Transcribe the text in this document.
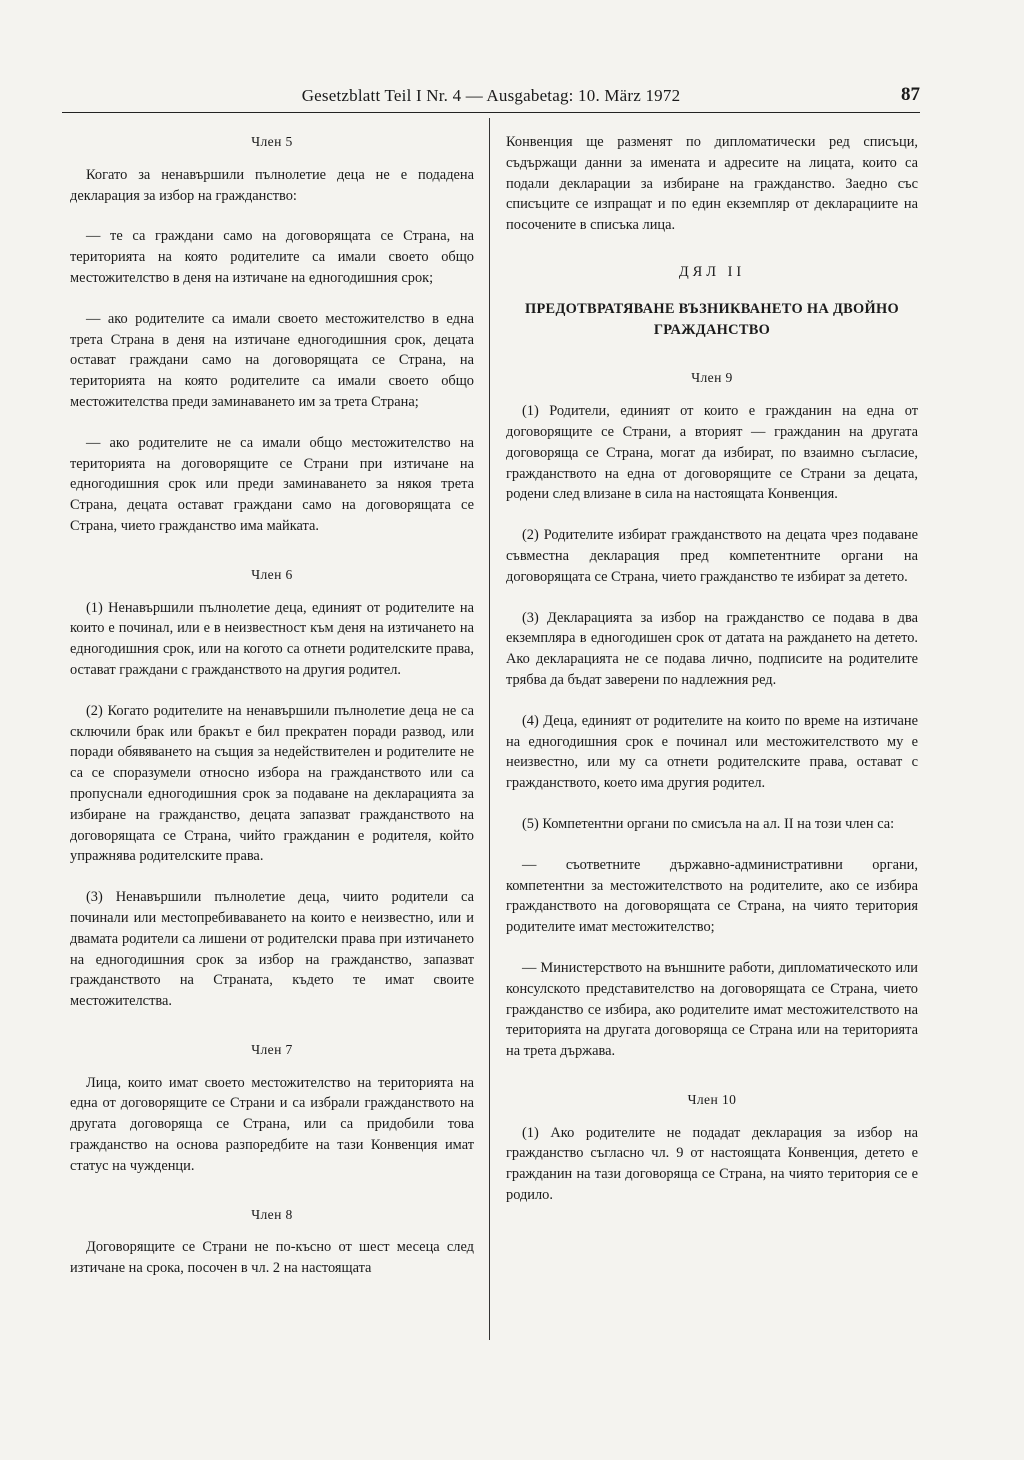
Gesetzblatt Teil I Nr. 4 — Ausgabetag: 10. März 1972	87
Член 5

Когато за ненавършили пълнолетие деца не е подадена декларация за избор на гражданство:

— те са граждани само на договорящата се Страна, на територията на която родителите са имали своето общо местожителство в деня на изтичане на едногодишния срок;

— ако родителите са имали своето местожителство в една трета Страна в деня на изтичане едногодишния срок, децата остават граждани само на договорящата се Страна, на територията на която родителите са имали своето общо местожителства преди заминаването им за трета Страна;

— ако родителите не са имали общо местожителство на територията на договорящите се Страни при изтичане на едногодишния срок или преди заминаването за някоя трета Страна, децата остават граждани само на договорящата се Страна, чието гражданство има майката.

Член 6

(1) Ненавършили пълнолетие деца, единият от родителите на които е починал, или е в неизвестност към деня на изтичането на едногодишния срок, или на когото са отнети родителските права, остават граждани с гражданството на другия родител.

(2) Когато родителите на ненавършили пълнолетие деца не са сключили брак или бракът е бил прекратен поради развод, или поради обявяването на същия за недействителен и родителите не са се споразумели относно избора на гражданството или са пропуснали едногодишния срок за подаване на декларацията за избиране на гражданство, децата запазват гражданството на договорящата се Страна, чийто гражданин е родителя, който упражнява родителските права.

(3) Ненавършили пълнолетие деца, чиито родители са починали или местопребиваването на които е неизвестно, или и двамата родители са лишени от родителски права при изтичането на едногодишния срок за избор на гражданство, запазват гражданството на Страната, където те имат своите местожителства.

Член 7

Лица, които имат своето местожителство на територията на една от договорящите се Страни и са избрали гражданството на другата договоряща се Страна, или са придобили това гражданство на основа разпоредбите на тази Конвенция имат статус на чужденци.

Член 8

Договорящите се Страни не по-късно от шест месеца след изтичане на срока, посочен в чл. 2 на настоящата

Конвенция ще разменят по дипломатически ред списъци, съдържащи данни за имената и адресите на лицата, които са подали декларации за избиране на гражданство. Заедно със списъците се изпращат и по един екземпляр от декларациите на посочените в списъка лица.

ДЯЛ II
ПРЕДОТВРАТЯВАНЕ ВЪЗНИКВАНЕТО НА ДВОЙНО ГРАЖДАНСТВО
Член 9

(1) Родители, единият от които е гражданин на една от договорящите се Страни, а вторият — гражданин на другата договоряща се Страна, могат да избират, по взаимно съгласие, гражданството на една от договорящите се Страни за децата, родени след влизане в сила на настоящата Конвенция.

(2) Родителите избират гражданството на децата чрез подаване съвместна декларация пред компетентните органи на договорящата се Страна, чието гражданство те избират за детето.

(3) Декларацията за избор на гражданство се подава в два екземпляра в едногодишен срок от датата на раждането на детето. Ако декларацията не се подава лично, подписите на родителите трябва да бъдат заверени по надлежния ред.

(4) Деца, единият от родителите на които по време на изтичане на едногодишния срок е починал или местожителството му е неизвестно, или му са отнети родителските права, остават с гражданството, което има другия родител.

(5) Компетентни органи по смисъла на ал. II на този член са:

— съответните държавно-административни органи, компетентни за местожителството на родителите, ако се избира гражданството на договорящата се Страна, на чиято територия родителите имат местожителство;

— Министерството на външните работи, дипломатическото или консулското представителство на договорящата се Страна, чието гражданство се избира, ако родителите имат местожителството на територията на другата договоряща се Страна или на територията на трета държава.

Член 10

(1) Ако родителите не подадат декларация за избор на гражданство съгласно чл. 9 от настоящата Конвенция, детето е гражданин на тази договоряща се Страна, на чиято територия се е родило.
